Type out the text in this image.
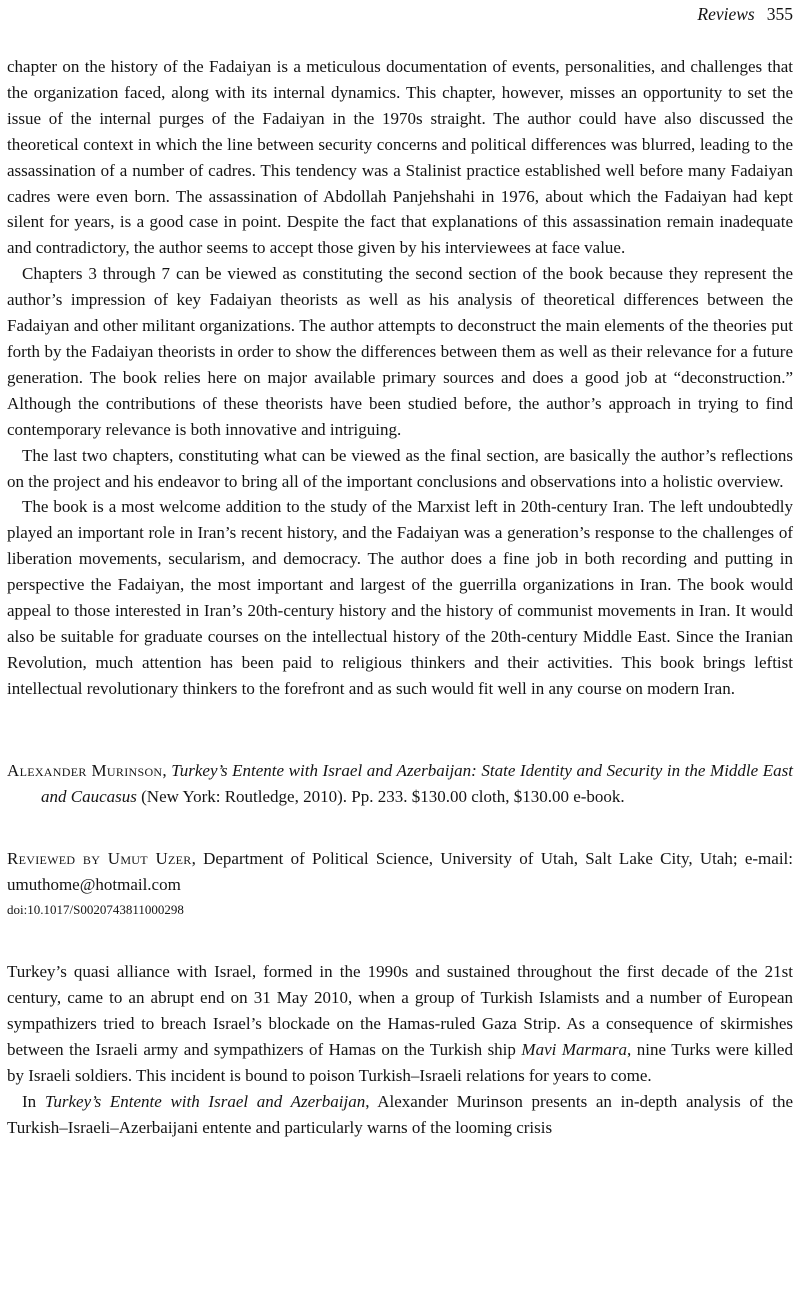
Reviews 355

chapter on the history of the Fadaiyan is a meticulous documentation of events, personalities, and challenges that the organization faced, along with its internal dynamics. This chapter, however, misses an opportunity to set the issue of the internal purges of the Fadaiyan in the 1970s straight. The author could have also discussed the theoretical context in which the line between security concerns and political differences was blurred, leading to the assassination of a number of cadres. This tendency was a Stalinist practice established well before many Fadaiyan cadres were even born. The assassination of Abdollah Panjehshahi in 1976, about which the Fadaiyan had kept silent for years, is a good case in point. Despite the fact that explanations of this assassination remain inadequate and contradictory, the author seems to accept those given by his interviewees at face value.

Chapters 3 through 7 can be viewed as constituting the second section of the book because they represent the author’s impression of key Fadaiyan theorists as well as his analysis of theoretical differences between the Fadaiyan and other militant organizations. The author attempts to deconstruct the main elements of the theories put forth by the Fadaiyan theorists in order to show the differences between them as well as their relevance for a future generation. The book relies here on major available primary sources and does a good job at “deconstruction.” Although the contributions of these theorists have been studied before, the author’s approach in trying to find contemporary relevance is both innovative and intriguing.

The last two chapters, constituting what can be viewed as the final section, are basically the author’s reflections on the project and his endeavor to bring all of the important conclusions and observations into a holistic overview.

The book is a most welcome addition to the study of the Marxist left in 20th-century Iran. The left undoubtedly played an important role in Iran’s recent history, and the Fadaiyan was a generation’s response to the challenges of liberation movements, secularism, and democracy. The author does a fine job in both recording and putting in perspective the Fadaiyan, the most important and largest of the guerrilla organizations in Iran. The book would appeal to those interested in Iran’s 20th-century history and the history of communist movements in Iran. It would also be suitable for graduate courses on the intellectual history of the 20th-century Middle East. Since the Iranian Revolution, much attention has been paid to religious thinkers and their activities. This book brings leftist intellectual revolutionary thinkers to the forefront and as such would fit well in any course on modern Iran.

Alexander Murinson, Turkey’s Entente with Israel and Azerbaijan: State Identity and Security in the Middle East and Caucasus (New York: Routledge, 2010). Pp. 233. $130.00 cloth, $130.00 e-book.

Reviewed by Umut Uzer, Department of Political Science, University of Utah, Salt Lake City, Utah; e-mail: umuthome@hotmail.com

doi:10.1017/S0020743811000298

Turkey’s quasi alliance with Israel, formed in the 1990s and sustained throughout the first decade of the 21st century, came to an abrupt end on 31 May 2010, when a group of Turkish Islamists and a number of European sympathizers tried to breach Israel’s blockade on the Hamas-ruled Gaza Strip. As a consequence of skirmishes between the Israeli army and sympathizers of Hamas on the Turkish ship Mavi Marmara, nine Turks were killed by Israeli soldiers. This incident is bound to poison Turkish–Israeli relations for years to come.

In Turkey’s Entente with Israel and Azerbaijan, Alexander Murinson presents an in-depth analysis of the Turkish–Israeli–Azerbaijani entente and particularly warns of the looming crisis
